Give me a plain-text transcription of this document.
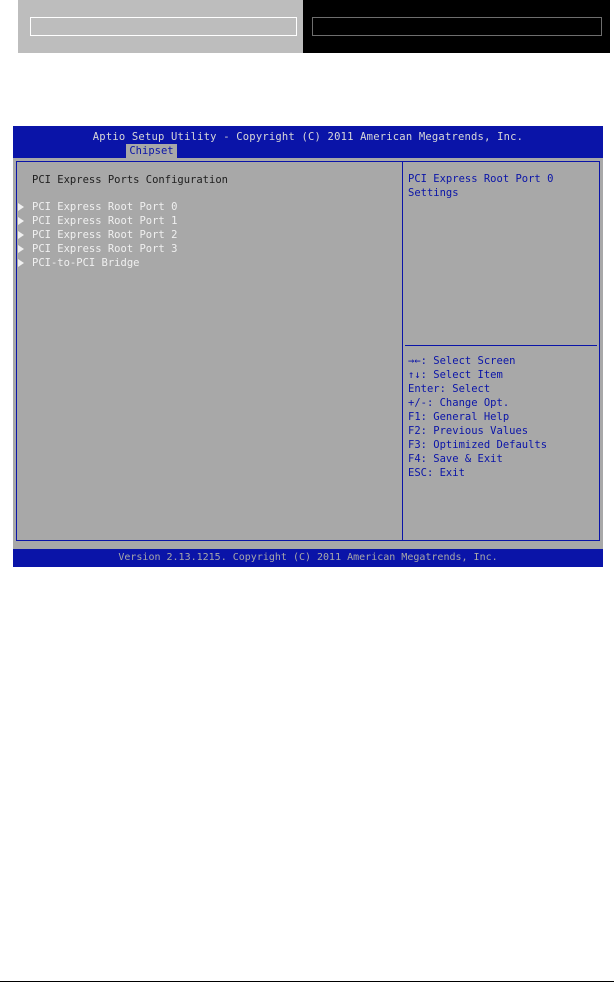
Aptio Setup Utility - Copyright (C) 2011 American Megatrends, Inc.
Chipset
PCI Express Ports Configuration
PCI Express Root Port 0
PCI Express Root Port 1
PCI Express Root Port 2
PCI Express Root Port 3
PCI-to-PCI Bridge
PCI Express Root Port 0
Settings
→←: Select Screen
↑↓: Select Item
Enter: Select
+/-: Change Opt.
F1: General Help
F2: Previous Values
F3: Optimized Defaults
F4: Save & Exit
ESC: Exit
Version 2.13.1215. Copyright (C) 2011 American Megatrends, Inc.
